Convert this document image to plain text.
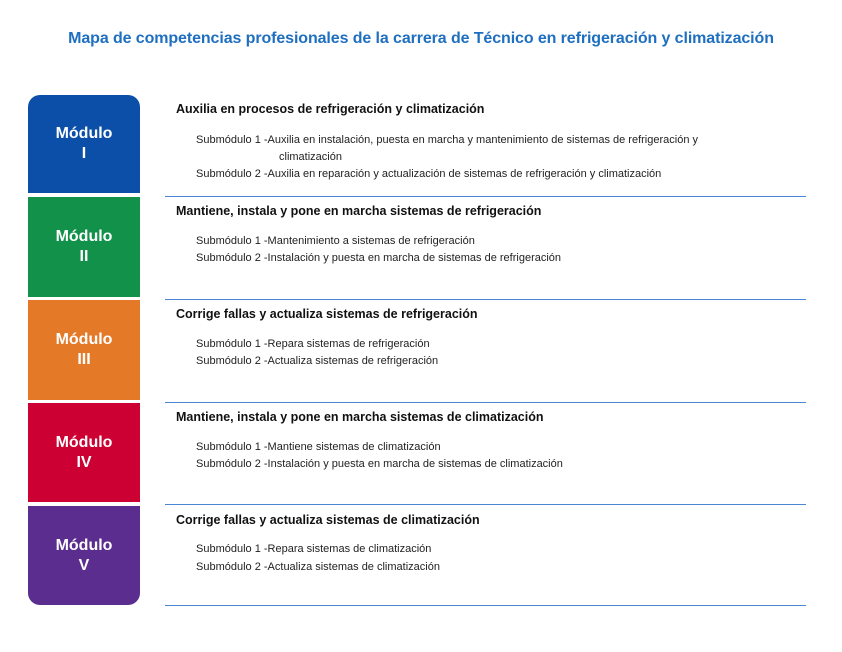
Mapa de competencias profesionales de la carrera de Técnico en refrigeración y climatización
Módulo
I
Módulo
II
Módulo
III
Módulo
IV
Módulo
V
Auxilia en procesos de refrigeración y climatización
Submódulo 1 -Auxilia en instalación, puesta en marcha y mantenimiento de sistemas de refrigeración y
climatización
Submódulo 2 -Auxilia en reparación y actualización de sistemas de refrigeración y climatización
Mantiene, instala y pone en marcha sistemas de refrigeración
Submódulo 1 -Mantenimiento a sistemas de refrigeración
Submódulo 2 -Instalación y puesta en marcha de sistemas de refrigeración
Corrige fallas y actualiza sistemas de refrigeración
Submódulo 1 -Repara sistemas de refrigeración
Submódulo 2 -Actualiza sistemas de refrigeración
Mantiene, instala y pone en marcha sistemas de climatización
Submódulo 1 -Mantiene sistemas de climatización
Submódulo 2 -Instalación y puesta en marcha de sistemas de climatización
Corrige fallas y actualiza sistemas de climatización
Submódulo 1 -Repara sistemas de climatización
Submódulo 2 -Actualiza sistemas de climatización
